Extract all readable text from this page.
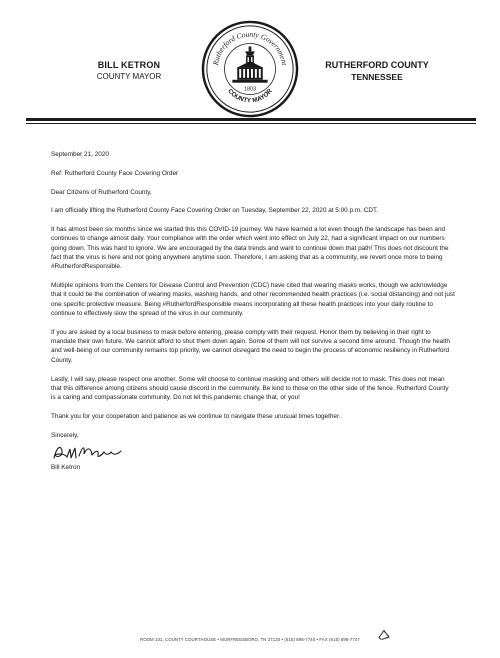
BILL KETRON
COUNTY MAYOR
Rutherford County Government
COUNTY MAYOR
1803
RUTHERFORD COUNTY
TENNESSEE

September 21, 2020

Ref: Rutherford County Face Covering Order

Dear Citizens of Rutherford County,

I am officially lifting the Rutherford County Face Covering Order on Tuesday, September 22, 2020 at 5:00 p.m. CDT.

It has almost been six months since we started this this COVID-19 journey. We have learned a lot even though the landscape has been and continues to change almost daily. Your compliance with the order which went into effect on July 22, had a significant impact on our numbers going down. This was hard to ignore. We are encouraged by the data trends and want to continue down that path! This does not discount the fact that the virus is here and not going anywhere anytime soon. Therefore, I am asking that as a community, we revert once more to being #RutherfordResponsible.

Multiple opinions from the Centers for Disease Control and Prevention (CDC) have cited that wearing masks works, though we acknowledge that it could be the combination of wearing masks, washing hands, and other recommended health practices (i.e. social distancing) and not just one specific protective measure. Being #RutherfordResponsible means incorporating all these health practices into your daily routine to continue to effectively slow the spread of the virus in our community.

If you are asked by a local business to mask before entering, please comply with their request. Honor them by believing in their right to mandate their own future. We cannot afford to shut them down again. Some of them will not survive a second time around. Though the health and well-being of our community remains top priority, we cannot disregard the need to begin the process of economic resiliency in Rutherford County.

Lastly, I will say, please respect one another. Some will choose to continue masking and others will decide not to mask. This does not mean that this difference among citizens should cause discord in the community. Be kind to those on the other side of the fence. Rutherford County is a caring and compassionate community. Do not let this pandemic change that, or you!

Thank you for your cooperation and patience as we continue to navigate these unusual times together.

Sincerely,

Bill Ketron

ROOM 101, COUNTY COURTHOUSE • MURFREESBORO, TN 37130 • (615) 898-7745 • FAX (615) 898-7747
